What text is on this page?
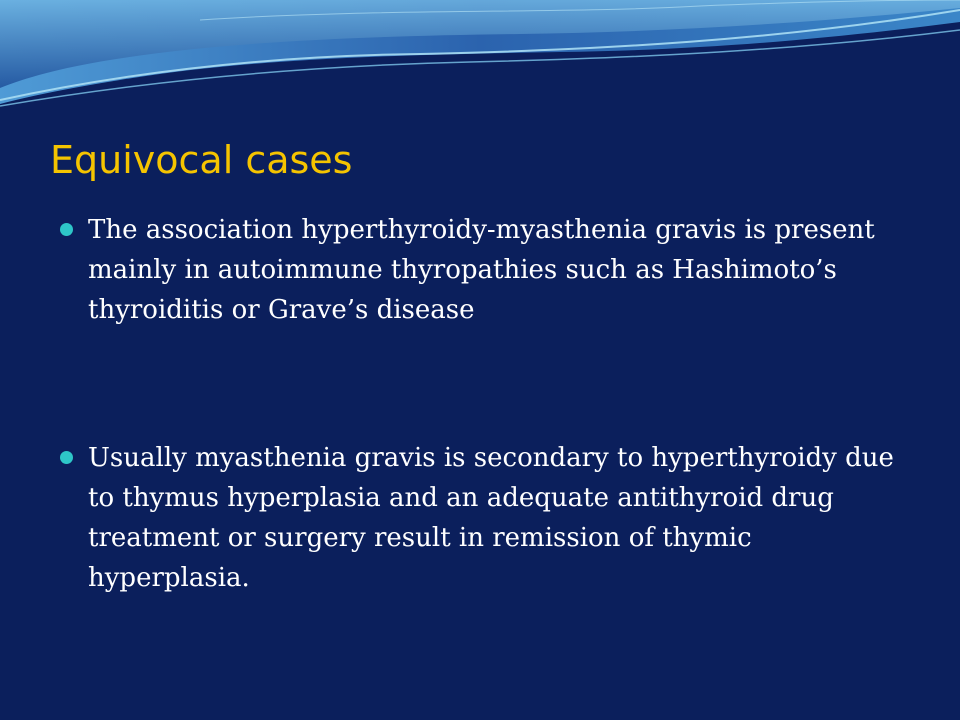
Equivocal cases
The association hyperthyroidy-myasthenia gravis is present mainly in autoimmune thyropathies such as Hashimoto’s thyroiditis or Grave’s disease
Usually myasthenia gravis is secondary to hyperthyroidy due to thymus hyperplasia and an adequate antithyroid drug treatment or surgery result in remission of thymic hyperplasia.
